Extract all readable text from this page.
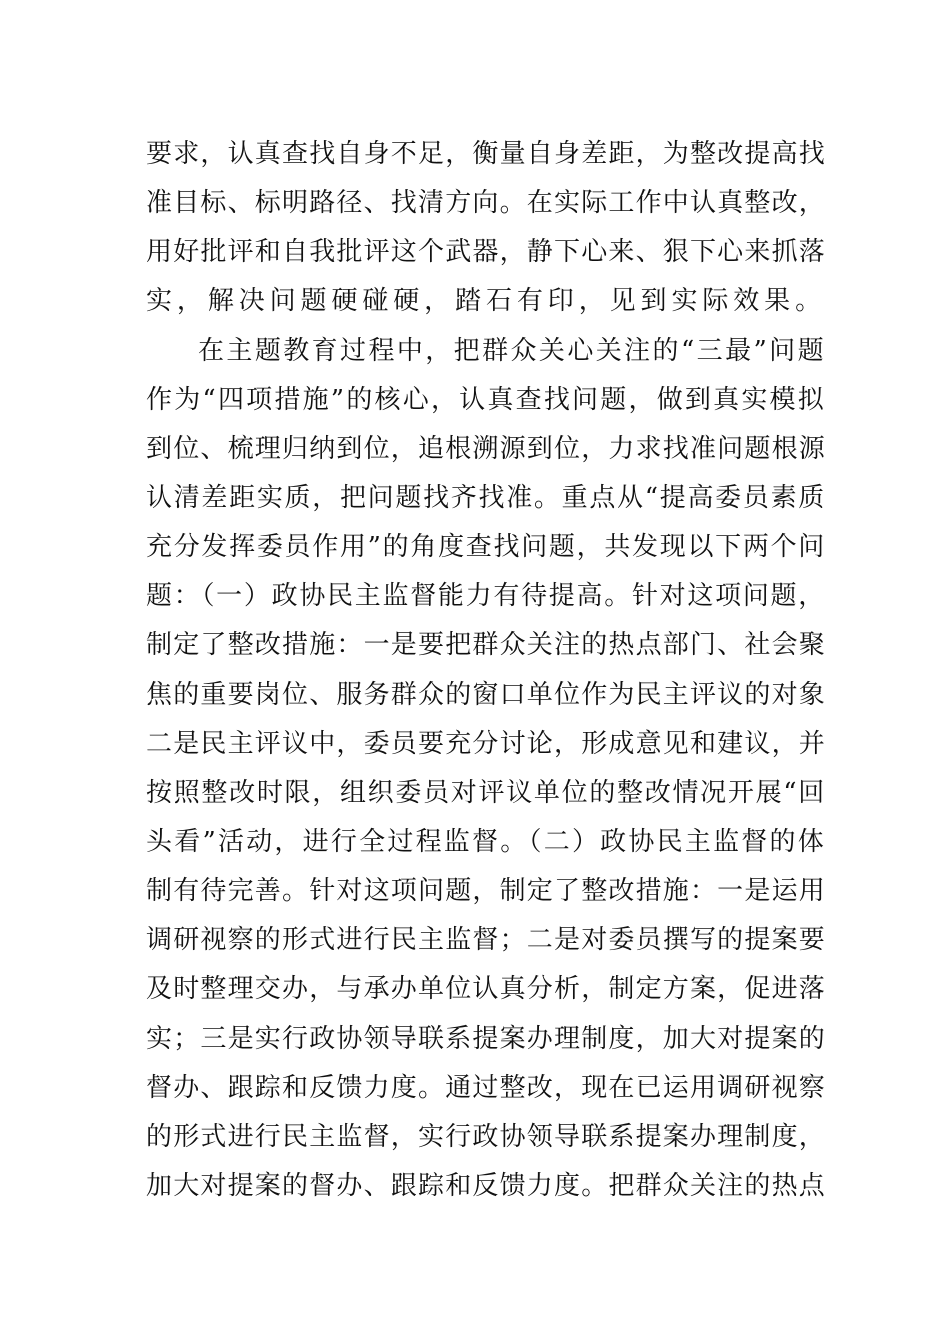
要求，认真查找自身不足，衡量自身差距，为整改提高找
准目标、标明路径、找清方向。在实际工作中认真整改，
用好批评和自我批评这个武器，静下心来、狠下心来抓落
实，解决问题硬碰硬，踏石有印，见到实际效果。
在主题教育过程中，把群众关心关注的“三最”问题
作为“四项措施”的核心，认真查找问题，做到真实模拟
到位、梳理归纳到位，追根溯源到位，力求找准问题根源
认清差距实质，把问题找齐找准。重点从“提高委员素质
充分发挥委员作用”的角度查找问题，共发现以下两个问
题：（一）政协民主监督能力有待提高。针对这项问题，
制定了整改措施：一是要把群众关注的热点部门、社会聚
焦的重要岗位、服务群众的窗口单位作为民主评议的对象
二是民主评议中，委员要充分讨论，形成意见和建议，并
按照整改时限，组织委员对评议单位的整改情况开展“回
头看”活动，进行全过程监督。（二）政协民主监督的体
制有待完善。针对这项问题，制定了整改措施：一是运用
调研视察的形式进行民主监督；二是对委员撰写的提案要
及时整理交办，与承办单位认真分析，制定方案，促进落
实；三是实行政协领导联系提案办理制度，加大对提案的
督办、跟踪和反馈力度。通过整改，现在已运用调研视察
的形式进行民主监督，实行政协领导联系提案办理制度，
加大对提案的督办、跟踪和反馈力度。把群众关注的热点
